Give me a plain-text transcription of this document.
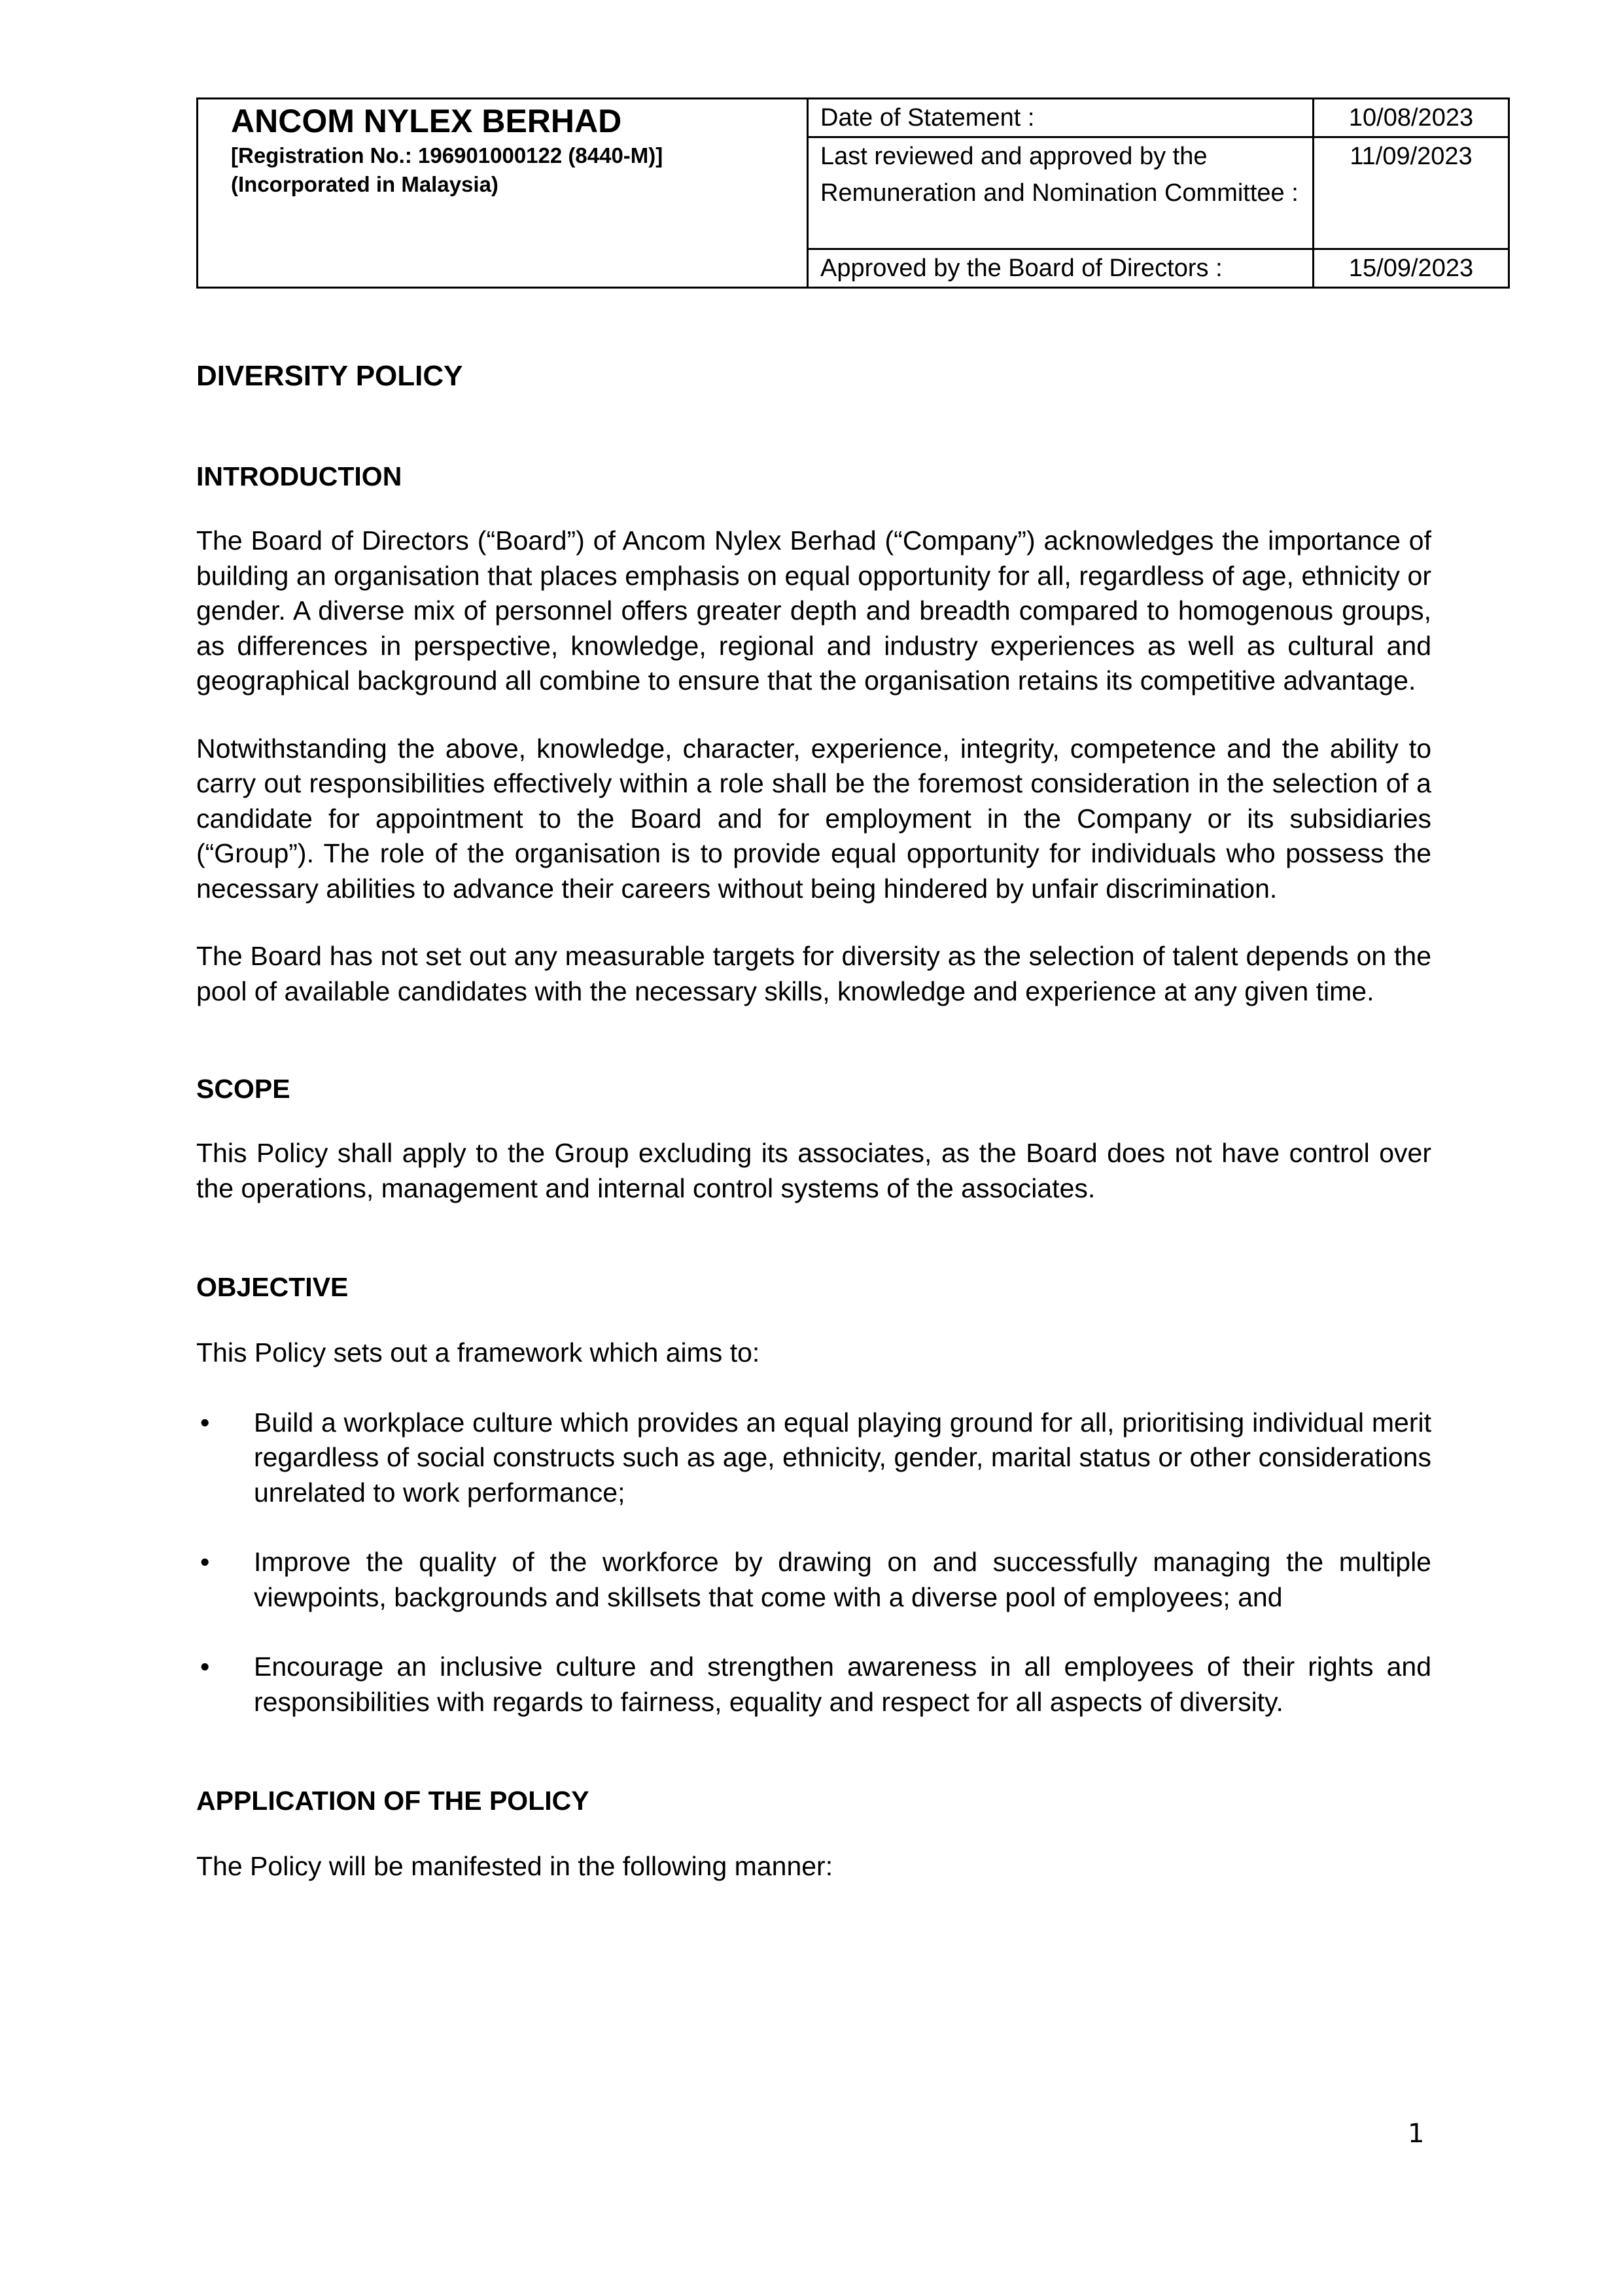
ANCOM NYLEX BERHAD
[Registration No.: 196901000122 (8440-M)]
(Incorporated in Malaysia)	Date of Statement :	10/08/2023
	Last reviewed and approved by the Remuneration and Nomination Committee :	11/09/2023
	Approved by the Board of Directors :	15/09/2023
DIVERSITY POLICY
INTRODUCTION

The Board of Directors (“Board”) of Ancom Nylex Berhad (“Company”) acknowledges the importance of building an organisation that places emphasis on equal opportunity for all, regardless of age, ethnicity or gender. A diverse mix of personnel offers greater depth and breadth compared to homogenous groups, as differences in perspective, knowledge, regional and industry experiences as well as cultural and geographical background all combine to ensure that the organisation retains its competitive advantage.

Notwithstanding the above, knowledge, character, experience, integrity, competence and the ability to carry out responsibilities effectively within a role shall be the foremost consideration in the selection of a candidate for appointment to the Board and for employment in the Company or its subsidiaries (“Group”). The role of the organisation is to provide equal opportunity for individuals who possess the necessary abilities to advance their careers without being hindered by unfair discrimination.

The Board has not set out any measurable targets for diversity as the selection of talent depends on the pool of available candidates with the necessary skills, knowledge and experience at any given time.

SCOPE

This Policy shall apply to the Group excluding its associates, as the Board does not have control over the operations, management and internal control systems of the associates.

OBJECTIVE

This Policy sets out a framework which aims to:

• Build a workplace culture which provides an equal playing ground for all, prioritising individual merit regardless of social constructs such as age, ethnicity, gender, marital status or other considerations unrelated to work performance;
• Improve the quality of the workforce by drawing on and successfully managing the multiple viewpoints, backgrounds and skillsets that come with a diverse pool of employees; and
• Encourage an inclusive culture and strengthen awareness in all employees of their rights and responsibilities with regards to fairness, equality and respect for all aspects of diversity.
APPLICATION OF THE POLICY

The Policy will be manifested in the following manner:

1
